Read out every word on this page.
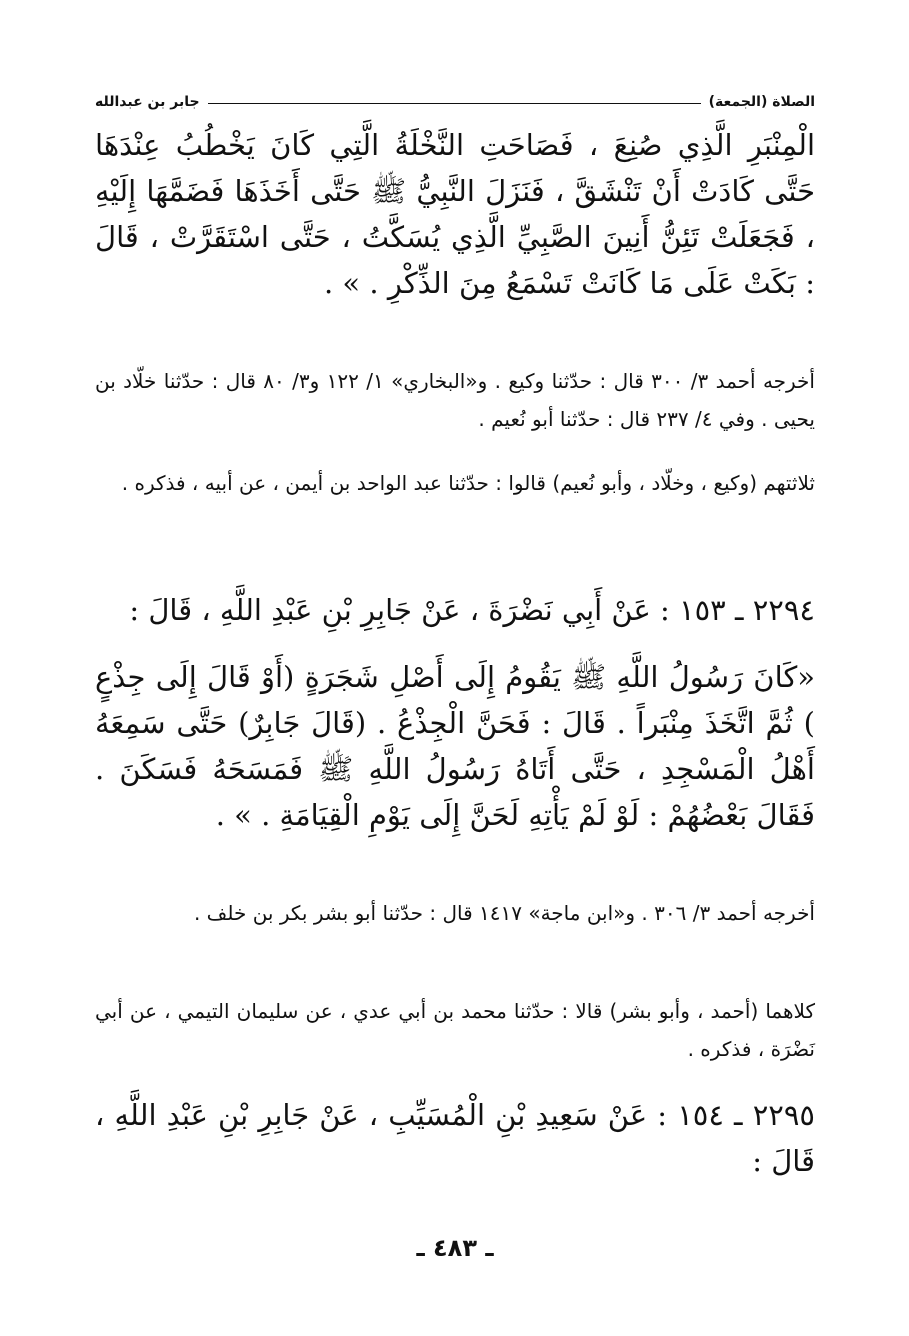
الصلاة (الجمعة)
جابر بن عبدالله
الْمِنْبَرِ الَّذِي صُنِعَ ، فَصَاحَتِ النَّخْلَةُ الَّتِي كَانَ يَخْطُبُ عِنْدَهَا حَتَّى كَادَتْ أَنْ تَنْشَقَّ ، فَنَزَلَ النَّبِيُّ ﷺ حَتَّى أَخَذَهَا فَضَمَّهَا إِلَيْهِ ، فَجَعَلَتْ تَئِنُّ أَنِينَ الصَّبِيِّ الَّذِي يُسَكَّتُ ، حَتَّى اسْتَقَرَّتْ ، قَالَ : بَكَتْ عَلَى مَا كَانَتْ تَسْمَعُ مِنَ الذِّكْرِ . » .
أخرجه أحمد ٣/ ٣٠٠ قال : حدّثنا وكيع . و«البخاري» ١/ ١٢٢ و٣/ ٨٠ قال : حدّثنا خلّاد بن يحيى . وفي ٤/ ٢٣٧ قال : حدّثنا أبو نُعيم .
ثلاثتهم (وكيع ، وخلّاد ، وأبو نُعيم) قالوا : حدّثنا عبد الواحد بن أيمن ، عن أبيه ، فذكره .
٢٢٩٤ ـ ١٥٣ : عَنْ أَبِي نَضْرَةَ ، عَنْ جَابِرِ بْنِ عَبْدِ اللَّهِ ، قَالَ :
«كَانَ رَسُولُ اللَّهِ ﷺ يَقُومُ إِلَى أَصْلِ شَجَرَةٍ (أَوْ قَالَ إِلَى جِذْعٍ ) ثُمَّ اتَّخَذَ مِنْبَراً . قَالَ : فَحَنَّ الْجِذْعُ . (قَالَ جَابِرٌ) حَتَّى سَمِعَهُ أَهْلُ الْمَسْجِدِ ، حَتَّى أَتَاهُ رَسُولُ اللَّهِ ﷺ فَمَسَحَهُ فَسَكَنَ . فَقَالَ بَعْضُهُمْ : لَوْ لَمْ يَأْتِهِ لَحَنَّ إِلَى يَوْمِ الْقِيَامَةِ . » .
أخرجه أحمد ٣/ ٣٠٦ . و«ابن ماجة» ١٤١٧ قال : حدّثنا أبو بشر بكر بن خلف .
كلاهما (أحمد ، وأبو بشر) قالا : حدّثنا محمد بن أبي عدي ، عن سليمان التيمي ، عن أبي نَضْرَة ، فذكره .
٢٢٩٥ ـ ١٥٤ : عَنْ سَعِيدِ بْنِ الْمُسَيِّبِ ، عَنْ جَابِرِ بْنِ عَبْدِ اللَّهِ ، قَالَ :
ـ ٤٨٣ ـ
